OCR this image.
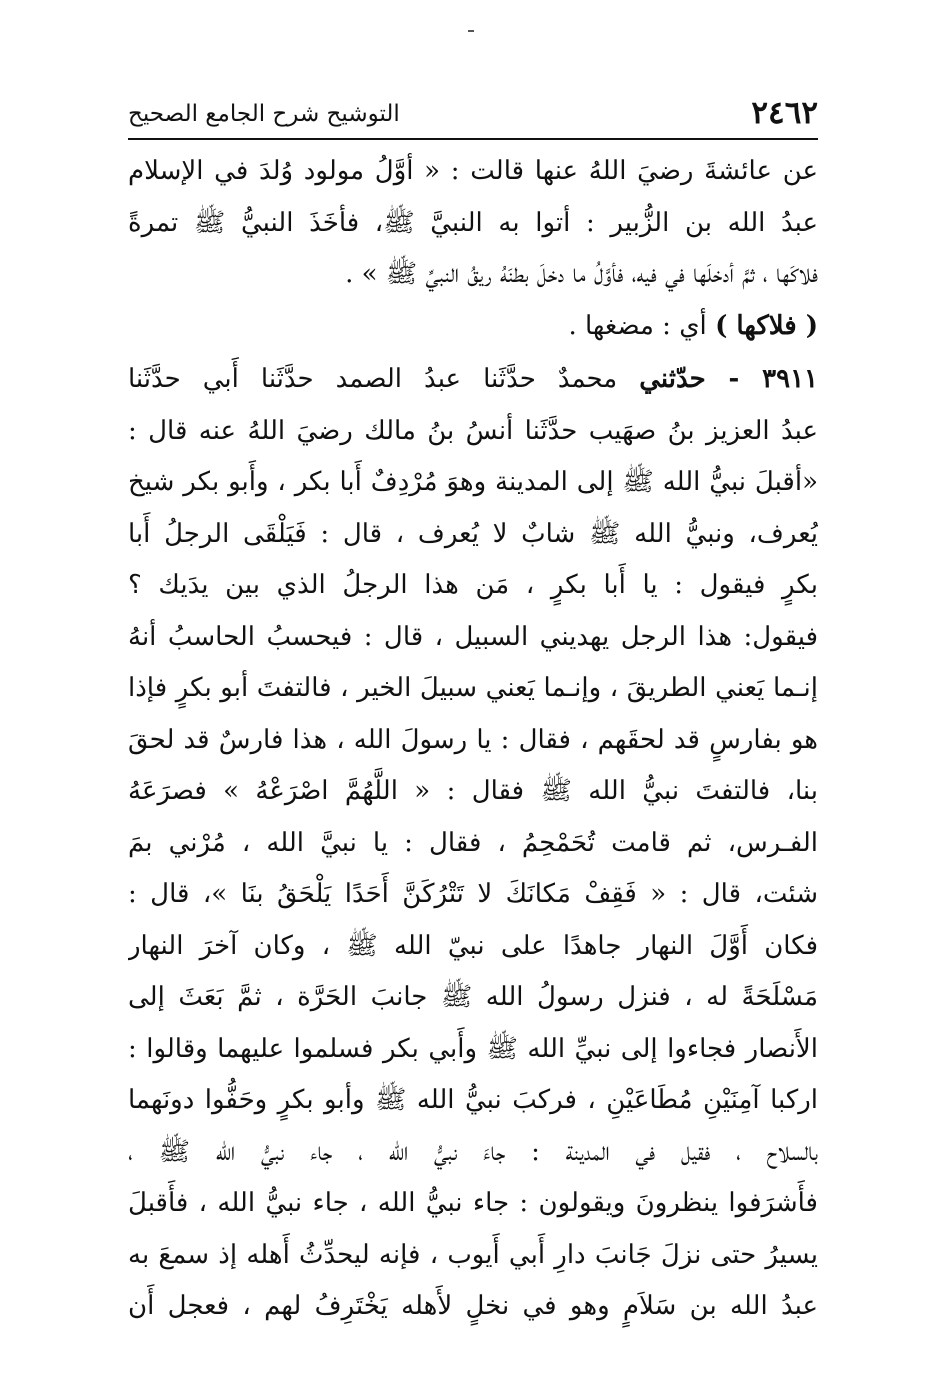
٢٤٦٢
التوشيح شرح الجامع الصحيح
عن عائشةَ رضيَ اللهُ عنها قالت : « أوَّلُ مولود وُلدَ في الإسلام
عبدُ الله بن الزُّبير : أتوا به النبيَّ ﷺ، فأخَذَ النبيُّ ﷺ تمرةً
فلاكَها ، ثمَّ أدخلَها في فيه، فأوَّلُ ما دخلَ بطنَهُ ريقُ النبيِّ ﷺ » .
( فلاكها ) أي : مضغها .
٣٩١١ - حدّثني محمدٌ حدَّثَنا عبدُ الصمد حدَّثَنا أَبي حدَّثَنا
عبدُ العزيز بنُ صهَيب حدَّثَنا أنسُ بنُ مالك رضيَ اللهُ عنه قال :
«أقبلَ نبيُّ الله ﷺ إلى المدينة وهوَ مُرْدِفٌ أَبا بكر ، وأَبو بكر شيخ
يُعرف، ونبيُّ الله ﷺ شابٌ لا يُعرف ، قال : فَيَلْقَى الرجلُ أَبا
بكرٍ فيقول : يا أَبا بكرٍ ، مَن هذا الرجلُ الذي بين يدَيك ؟
فيقول: هذا الرجل يهديني السبيل ، قال : فيحسبُ الحاسبُ أنهُ
إنـما يَعني الطريقَ ، وإنـما يَعني سبيلَ الخير ، فالتفتَ أبو بكرٍ فإذا
هو بفارسٍ قد لحقَهم ، فقال : يا رسولَ الله ، هذا فارسٌ قد لحقَ
بنا، فالتفتَ نبيُّ الله ﷺ فقال : « اللَّهُمَّ اصْرَعْهُ » فصرَعَهُ
الفـرس، ثم قامت تُحَمْحِمُ ، فقال : يا نبيَّ الله ، مُرْني بمَ
شئت، قال : « فَقِفْ مَكانَكَ لا تَتْرُكَنَّ أَحَدًا يَلْحَقُ بنَا »، قال :
فكان أَوَّلَ النهار جاهدًا على نبيّ الله ﷺ ، وكان آخرَ النهار
مَسْلَحَةً له ، فنزل رسولُ الله ﷺ جانبَ الحَرَّة ، ثمَّ بَعَثَ إلى
الأَنصار فجاءوا إلى نبيِّ الله ﷺ وأَبي بكر فسلموا عليهما وقالوا :
اركبا آمِنَيْنِ مُطَاعَيْنِ ، فركبَ نبيُّ الله ﷺ وأبو بكرٍ وحَفُّوا دونَهما
بالسلاح ، فقيل في المدينة : جاءَ نبيُّ الله ، جاء نبيُّ الله ﷺ ،
فأَشرَفوا ينظرونَ ويقولون : جاء نبيُّ الله ، جاء نبيُّ الله ، فأَقبلَ
يسيرُ حتى نزلَ جَانبَ دارِ أَبي أَيوب ، فإنه ليحدِّثُ أَهله إذ سمعَ به
عبدُ الله بن سَلاَمٍ وهو في نخلٍ لأَهله يَخْتَرِفُ لهم ، فعجل أَن
